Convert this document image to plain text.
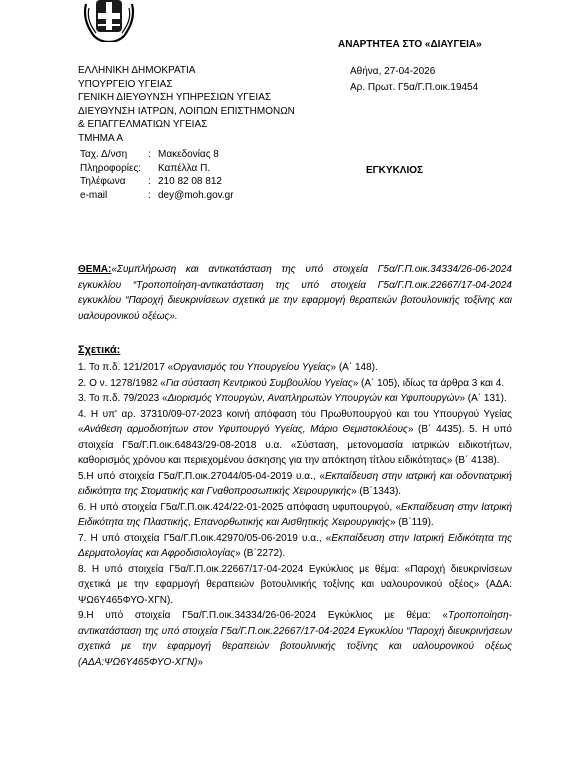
ΑΝΑΡΤΗΤΕΑ ΣΤΟ «ΔΙΑΥΓΕΙΑ»
ΕΛΛΗΝΙΚΗ ΔΗΜΟΚΡΑΤΙΑ
ΥΠΟΥΡΓΕΙΟ ΥΓΕΙΑΣ
ΓΕΝΙΚΗ ΔΙΕΥΘΥΝΣΗ ΥΠΗΡΕΣΙΩΝ ΥΓΕΙΑΣ
ΔΙΕΥΘΥΝΣΗ ΙΑΤΡΩΝ, ΛΟΙΠΩΝ ΕΠΙΣΤΗΜΟΝΩΝ
& ΕΠΑΓΓΕΛΜΑΤΙΩΝ ΥΓΕΙΑΣ
ΤΜΗΜΑ Α
Αθήνα, 27-04-2026
Αρ. Πρωτ. Γ5α/Γ.Π.οικ.19454
Ταχ. Δ/νση : Μακεδονίας 8
Πληροφορίες: Καπέλλα Π.
Τηλέφωνα : 210 82 08 812
e-mail	: dey@moh.gov.gr
ΕΓΚΥΚΛΙΟΣ
ΘΕΜΑ:«Συμπλήρωση και αντικατάσταση της υπό στοιχεία Γ5α/Γ.Π.οικ.34334/26-06-2024 εγκυκλίου “Τροποποίηση-αντικατάσταση της υπό στοιχεία Γ5α/Γ.Π.οικ.22667/17-04-2024 εγκυκλίου “Παροχή διευκρινίσεων σχετικά με την εφαρμογή θεραπειών βοτουλονικής τοξίνης και υαλουρονικού οξέως».
Σχετικά:
1. Το π.δ. 121/2017 «Οργανισμός του Υπουργείου Υγείας» (Α΄ 148).
2. Ο ν. 1278/1982 «Για σύσταση Κεντρικού Συμβουλίου Υγείας» (Α΄ 105), ιδίως τα άρθρα 3 και 4.
3. Το π.δ. 79/2023 «Διορισμός Υπουργών, Αναπληρωτών Υπουργών και Υφυπουργών» (Α΄ 131).
4. Η υπ' αρ. 37310/09-07-2023 κοινή απόφαση του Πρωθυπουργού και του Υπουργού Υγείας «Ανάθεση αρμοδιοτήτων στον Υφυπουργό Υγείας, Μάριο Θεμιστοκλέους» (Β΄ 4435). 5. Η υπό στοιχεία Γ5α/Γ.Π.οικ.64843/29-08-2018 υ.α. «Σύσταση, μετονομασία ιατρικών ειδικοτήτων, καθορισμός χρόνου και περιεχομένου άσκησης για την απόκτηση τίτλου ειδικότητας» (Β΄ 4138).
5.Η υπό στοιχεία Γ5α/Γ.Π.οικ.27044/05-04-2019 υ.α., «Εκπαίδευση στην ιατρική και οδοντιατρική ειδικότητα της Στοματικής και Γναθοπροσωπικής Χειρουργικής» (Β΄1343).
6. Η υπό στοιχεία Γ5α/Γ.Π.οικ.424/22-01-2025 απόφαση υφυπουργού, «Εκπαίδευση στην Ιατρική Ειδικότητα της Πλαστικής, Επανορθωτικής και Αισθητικής Χειρουργικής» (Β΄119).
7. Η υπό στοιχεία Γ5α/Γ.Π.οικ.42970/05-06-2019 υ.α., «Εκπαίδευση στην Ιατρική Ειδικότητα της Δερματολογίας και Αφροδισιολογίας» (Β΄2272).
8. Η υπό στοιχεία Γ5α/Γ.Π.οικ.22667/17-04-2024 Εγκύκλιος με θέμα: «Παροχή διευκρινίσεων σχετικά με την εφαρμογή θεραπειών βοτουλινικής τοξίνης και υαλουρονικού οξέος» (ΑΔΑ: ΨΩ6Υ465ΦΥΟ-ΧΓΝ).
9.Η υπό στοιχεία Γ5α/Γ.Π.οικ.34334/26-06-2024 Εγκύκλιος με θέμα: «Τροποποίηση-αντικατάσταση της υπό στοιχεία Γ5α/Γ.Π.οικ.22667/17-04-2024 Εγκυκλίου “Παροχή διευκρινήσεων σχετικά με την εφαρμογή θεραπειών βοτουλινικής τοξίνης και υαλουρονικού οξέως (ΑΔΑ:ΨΩ6Υ465ΦΥΟ-ΧΓΝ)»
